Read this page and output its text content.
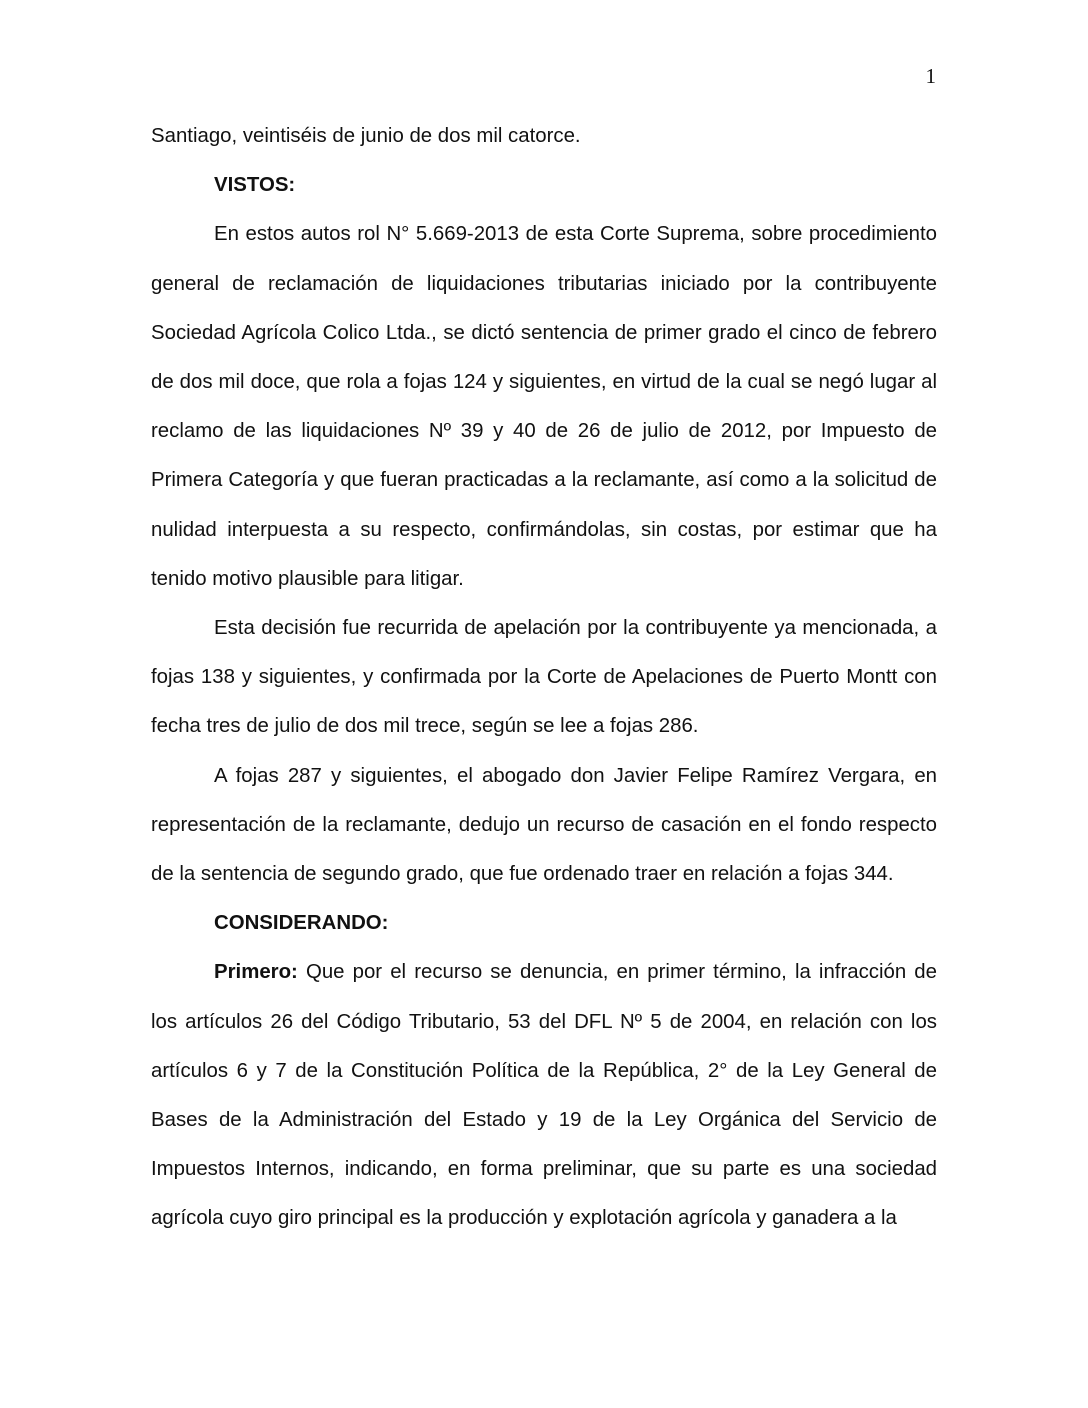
1

Santiago, veintiséis de junio de dos mil catorce.

VISTOS:

En estos autos rol N° 5.669-2013 de esta Corte Suprema, sobre procedimiento general de reclamación de liquidaciones tributarias iniciado por la contribuyente Sociedad Agrícola Colico Ltda., se dictó sentencia de primer grado el cinco de febrero de dos mil doce, que rola a fojas 124 y siguientes, en virtud de la cual se negó lugar al reclamo de las liquidaciones Nº 39 y 40 de 26 de julio de 2012, por Impuesto de Primera Categoría y que fueran practicadas a la reclamante, así como a la solicitud de nulidad interpuesta a su respecto, confirmándolas, sin costas, por estimar que ha tenido motivo plausible para litigar.

Esta decisión fue recurrida de apelación por la contribuyente ya mencionada, a fojas 138 y siguientes, y confirmada por la Corte de Apelaciones de Puerto Montt con fecha tres de julio de dos mil trece, según se lee a fojas 286.

A fojas 287 y siguientes, el abogado don Javier Felipe Ramírez Vergara, en representación de la reclamante, dedujo un recurso de casación en el fondo respecto de la sentencia de segundo grado, que fue ordenado traer en relación a fojas 344.

CONSIDERANDO:

Primero: Que por el recurso se denuncia, en primer término, la infracción de los artículos 26 del Código Tributario, 53 del DFL Nº 5 de 2004, en relación con los artículos 6 y 7 de la Constitución Política de la República, 2° de la Ley General de Bases de la Administración del Estado y 19 de la Ley Orgánica del Servicio de Impuestos Internos, indicando, en forma preliminar, que su parte es una sociedad agrícola cuyo giro principal es la producción y explotación agrícola y ganadera a la
